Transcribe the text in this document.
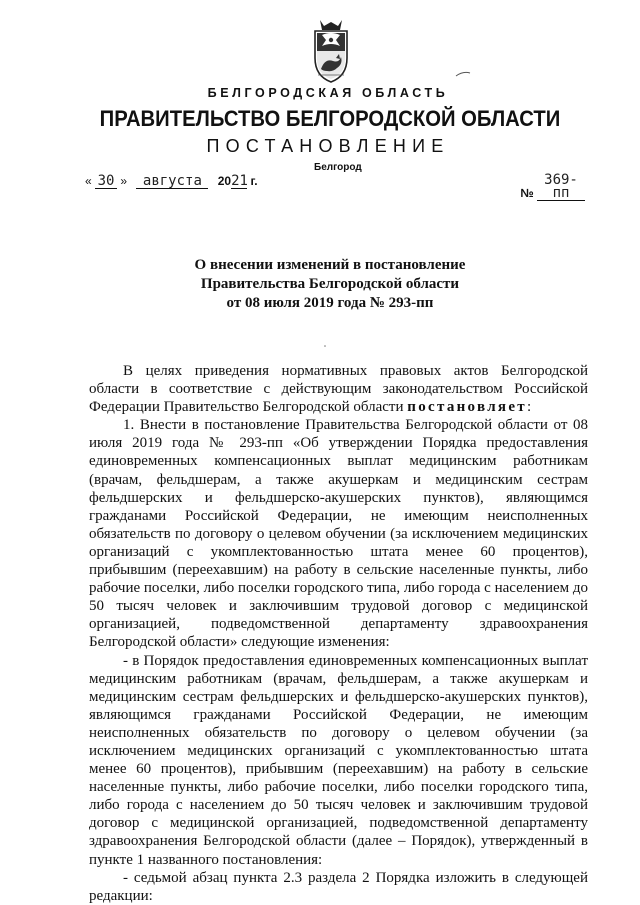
БЕЛГОРОДСКАЯ ОБЛАСТЬ
ПРАВИТЕЛЬСТВО БЕЛГОРОДСКОЙ ОБЛАСТИ
ПОСТАНОВЛЕНИЕ
Белгород
« 30 » августа 2021 г.
№ 369-пп
О внесении изменений в постановление
Правительства Белгородской области
от 08 июля 2019 года № 293-пп

В целях приведения нормативных правовых актов Белгородской области в соответствие с действующим законодательством Российской Федерации Правительство Белгородской области постановляет:

1. Внести в постановление Правительства Белгородской области от 08 июля 2019 года № 293-пп «Об утверждении Порядка предоставления единовременных компенсационных выплат медицинским работникам (врачам, фельдшерам, а также акушеркам и медицинским сестрам фельдшерских и фельдшерско-акушерских пунктов), являющимся гражданами Российской Федерации, не имеющим неисполненных обязательств по договору о целевом обучении (за исключением медицинских организаций с укомплектованностью штата менее 60 процентов), прибывшим (переехавшим) на работу в сельские населенные пункты, либо рабочие поселки, либо поселки городского типа, либо города с населением до 50 тысяч человек и заключившим трудовой договор с медицинской организацией, подведомственной департаменту здравоохранения Белгородской области» следующие изменения:

- в Порядок предоставления единовременных компенсационных выплат медицинским работникам (врачам, фельдшерам, а также акушеркам и медицинским сестрам фельдшерских и фельдшерско-акушерских пунктов), являющимся гражданами Российской Федерации, не имеющим неисполненных обязательств по договору о целевом обучении (за исключением медицинских организаций с укомплектованностью штата менее 60 процентов), прибывшим (переехавшим) на работу в сельские населенные пункты, либо рабочие поселки, либо поселки городского типа, либо города с населением до 50 тысяч человек и заключившим трудовой договор с медицинской организацией, подведомственной департаменту здравоохранения Белгородской области (далее – Порядок), утвержденный в пункте 1 названного постановления:

- седьмой абзац пункта 2.3 раздела 2 Порядка изложить в следующей редакции:
